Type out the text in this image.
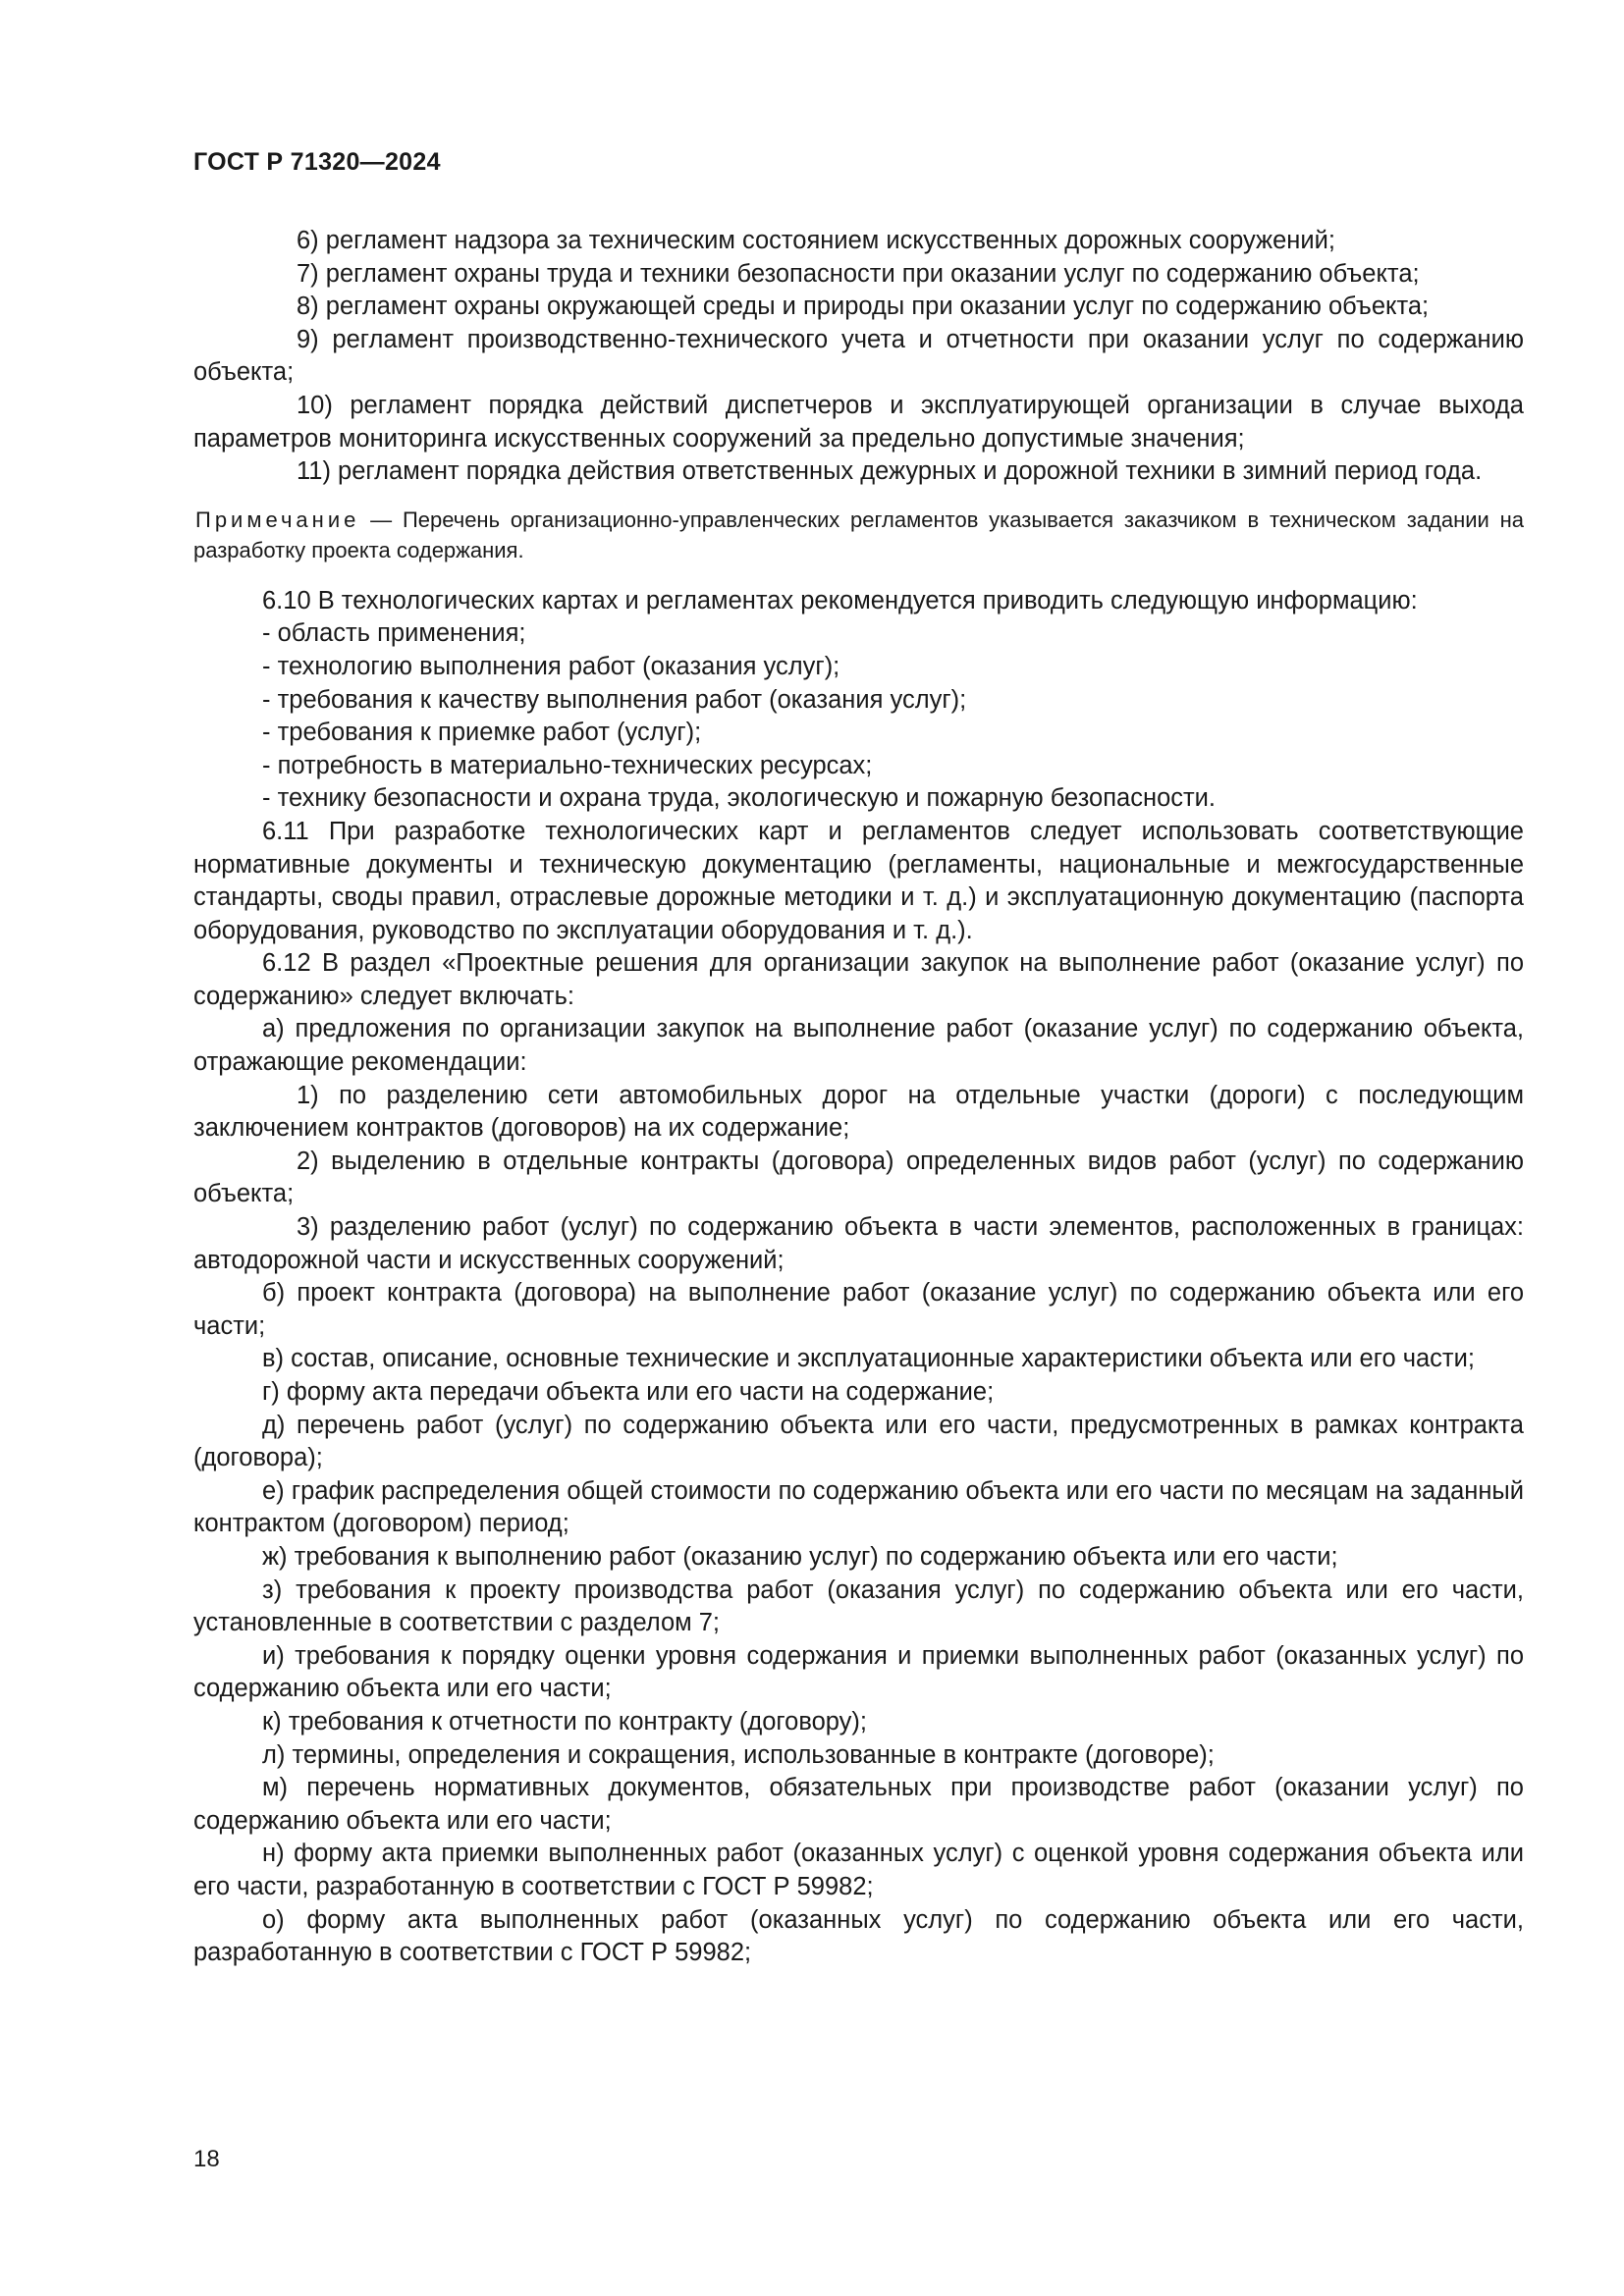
ГОСТ Р 71320—2024

6) регламент надзора за техническим состоянием искусственных дорожных сооружений;

7) регламент охраны труда и техники безопасности при оказании услуг по содержанию объекта;

8) регламент охраны окружающей среды и природы при оказании услуг по содержанию объекта;

9) регламент производственно-технического учета и отчетности при оказании услуг по содержанию объекта;

10) регламент порядка действий диспетчеров и эксплуатирующей организации в случае выхода параметров мониторинга искусственных сооружений за предельно допустимые значения;

11) регламент порядка действия ответственных дежурных и дорожной техники в зимний период года.

Примечание — Перечень организационно-управленческих регламентов указывается заказчиком в техническом задании на разработку проекта содержания.

6.10 В технологических картах и регламентах рекомендуется приводить следующую информацию:

- область применения;

- технологию выполнения работ (оказания услуг);

- требования к качеству выполнения работ (оказания услуг);

- требования к приемке работ (услуг);

- потребность в материально-технических ресурсах;

- технику безопасности и охрана труда, экологическую и пожарную безопасности.

6.11 При разработке технологических карт и регламентов следует использовать соответствующие нормативные документы и техническую документацию (регламенты, национальные и межгосударственные стандарты, своды правил, отраслевые дорожные методики и т. д.) и эксплуатационную документацию (паспорта оборудования, руководство по эксплуатации оборудования и т. д.).

6.12 В раздел «Проектные решения для организации закупок на выполнение работ (оказание услуг) по содержанию» следует включать:

а) предложения по организации закупок на выполнение работ (оказание услуг) по содержанию объекта, отражающие рекомендации:

1) по разделению сети автомобильных дорог на отдельные участки (дороги) с последующим заключением контрактов (договоров) на их содержание;

2) выделению в отдельные контракты (договора) определенных видов работ (услуг) по содержанию объекта;

3) разделению работ (услуг) по содержанию объекта в части элементов, расположенных в границах: автодорожной части и искусственных сооружений;

б) проект контракта (договора) на выполнение работ (оказание услуг) по содержанию объекта или его части;

в) состав, описание, основные технические и эксплуатационные характеристики объекта или его части;

г) форму акта передачи объекта или его части на содержание;

д) перечень работ (услуг) по содержанию объекта или его части, предусмотренных в рамках контракта (договора);

е) график распределения общей стоимости по содержанию объекта или его части по месяцам на заданный контрактом (договором) период;

ж) требования к выполнению работ (оказанию услуг) по содержанию объекта или его части;

з) требования к проекту производства работ (оказания услуг) по содержанию объекта или его части, установленные в соответствии с разделом 7;

и) требования к порядку оценки уровня содержания и приемки выполненных работ (оказанных услуг) по содержанию объекта или его части;

к) требования к отчетности по контракту (договору);

л) термины, определения и сокращения, использованные в контракте (договоре);

м) перечень нормативных документов, обязательных при производстве работ (оказании услуг) по содержанию объекта или его части;

н) форму акта приемки выполненных работ (оказанных услуг) с оценкой уровня содержания объекта или его части, разработанную в соответствии с ГОСТ Р 59982;

о) форму акта выполненных работ (оказанных услуг) по содержанию объекта или его части, разработанную в соответствии с ГОСТ Р 59982;

18
